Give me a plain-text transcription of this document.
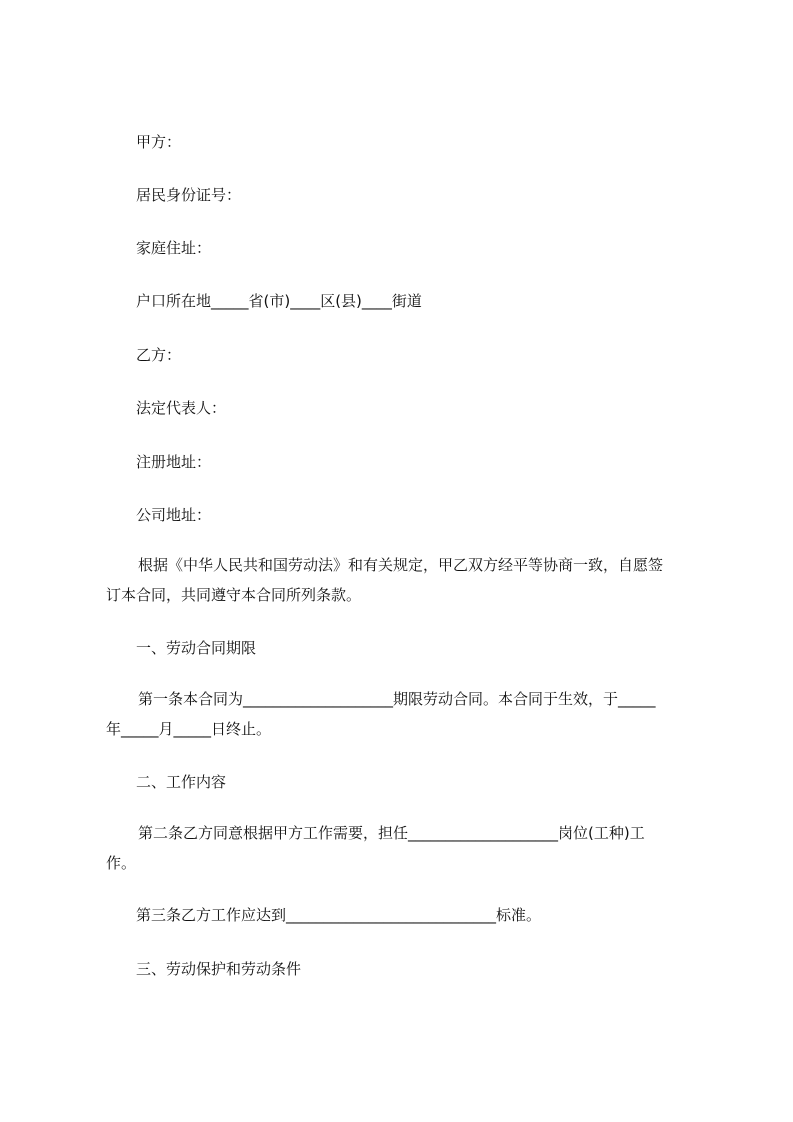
甲方：
居民身份证号：
家庭住址：
户口所在地_____省(市)____区(县)____街道
乙方：
法定代表人：
注册地址：
公司地址：
根据《中华人民共和国劳动法》和有关规定，甲乙双方经平等协商一致，自愿签
订本合同，共同遵守本合同所列条款。
一、劳动合同期限
第一条本合同为____________________期限劳动合同。本合同于生效，于_____
年_____月_____日终止。
二、工作内容
第二条乙方同意根据甲方工作需要，担任____________________岗位(工种)工
作。
第三条乙方工作应达到____________________________标准。
三、劳动保护和劳动条件
